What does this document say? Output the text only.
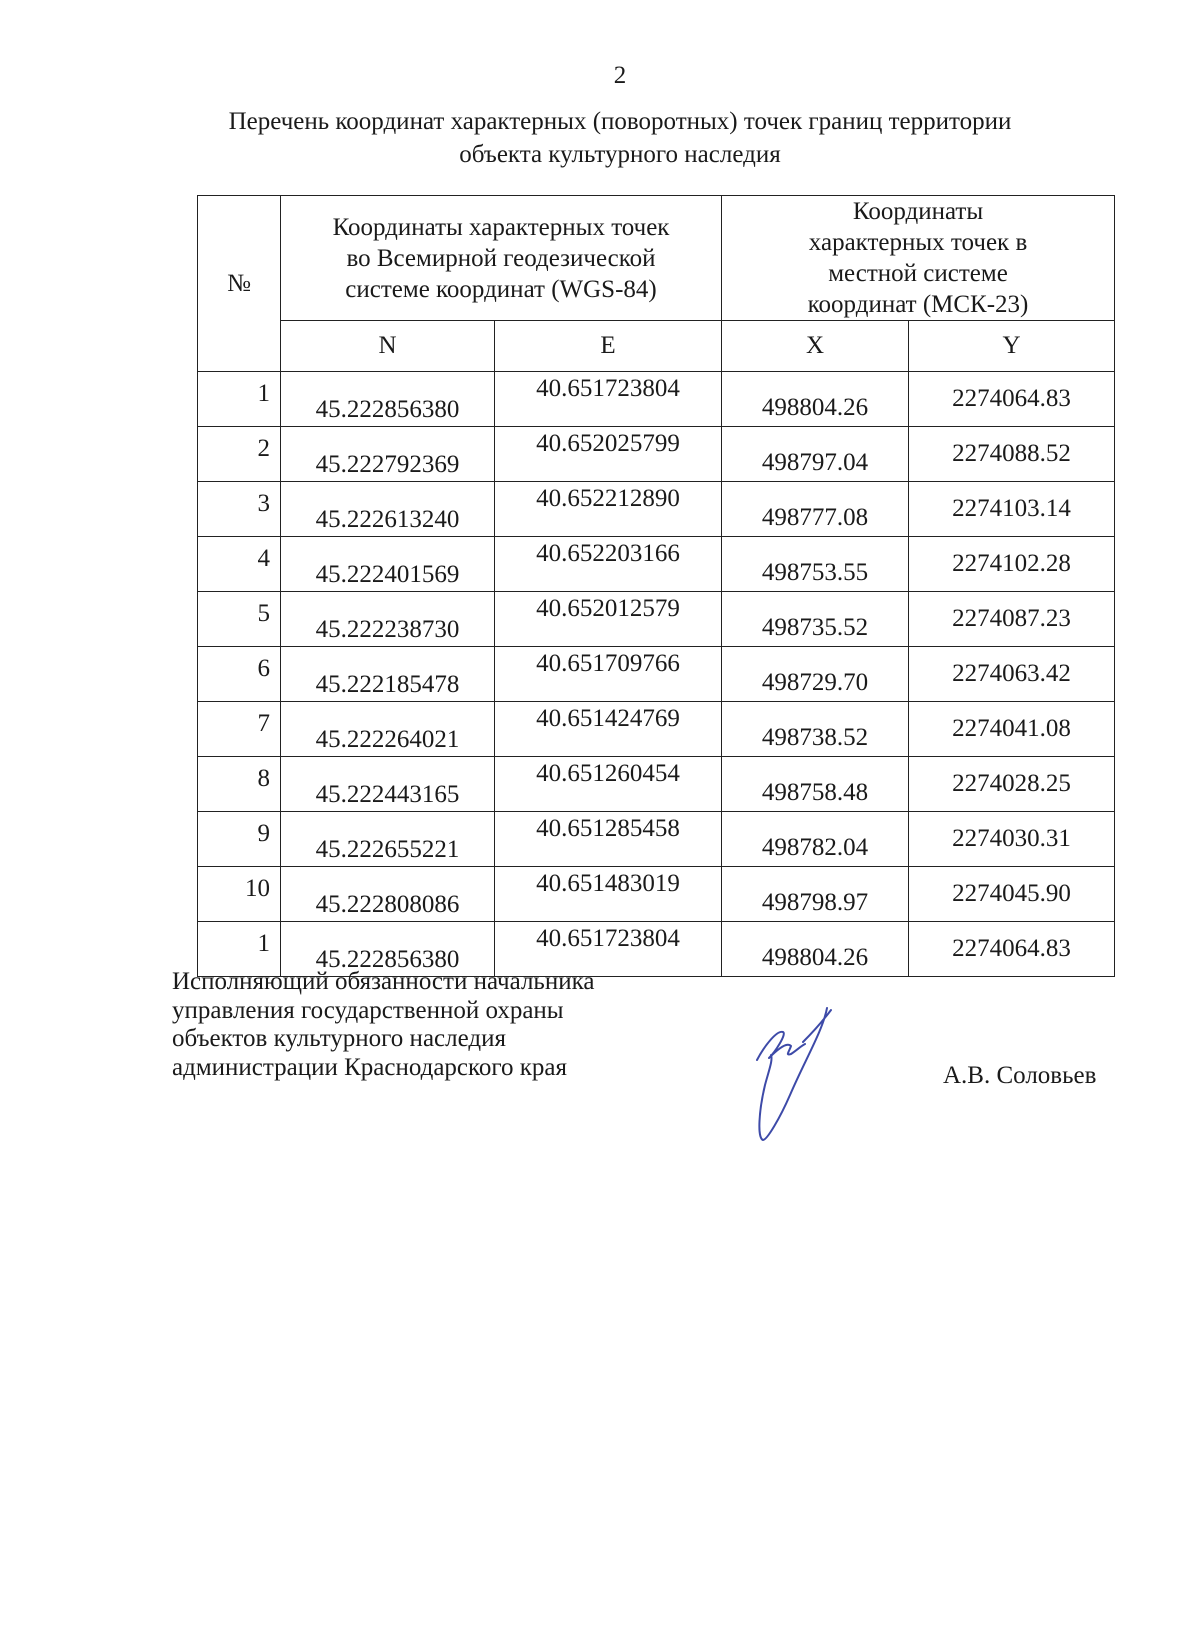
2
Перечень координат характерных (поворотных) точек границ территории
объекта культурного наследия
№	Координаты характерных точек во Всемирной геодезической системе координат (WGS-84)		Координаты характерных точек в местной системе координат (МСК-23)	
	N	E	X	Y
1	45.222856380	40.651723804	498804.26	2274064.83
2	45.222792369	40.652025799	498797.04	2274088.52
3	45.222613240	40.652212890	498777.08	2274103.14
4	45.222401569	40.652203166	498753.55	2274102.28
5	45.222238730	40.652012579	498735.52	2274087.23
6	45.222185478	40.651709766	498729.70	2274063.42
7	45.222264021	40.651424769	498738.52	2274041.08
8	45.222443165	40.651260454	498758.48	2274028.25
9	45.222655221	40.651285458	498782.04	2274030.31
10	45.222808086	40.651483019	498798.97	2274045.90
1	45.222856380	40.651723804	498804.26	2274064.83
Исполняющий обязанности начальника
управления государственной охраны
объектов культурного наследия
администрации Краснодарского края	А.В. Соловьев
